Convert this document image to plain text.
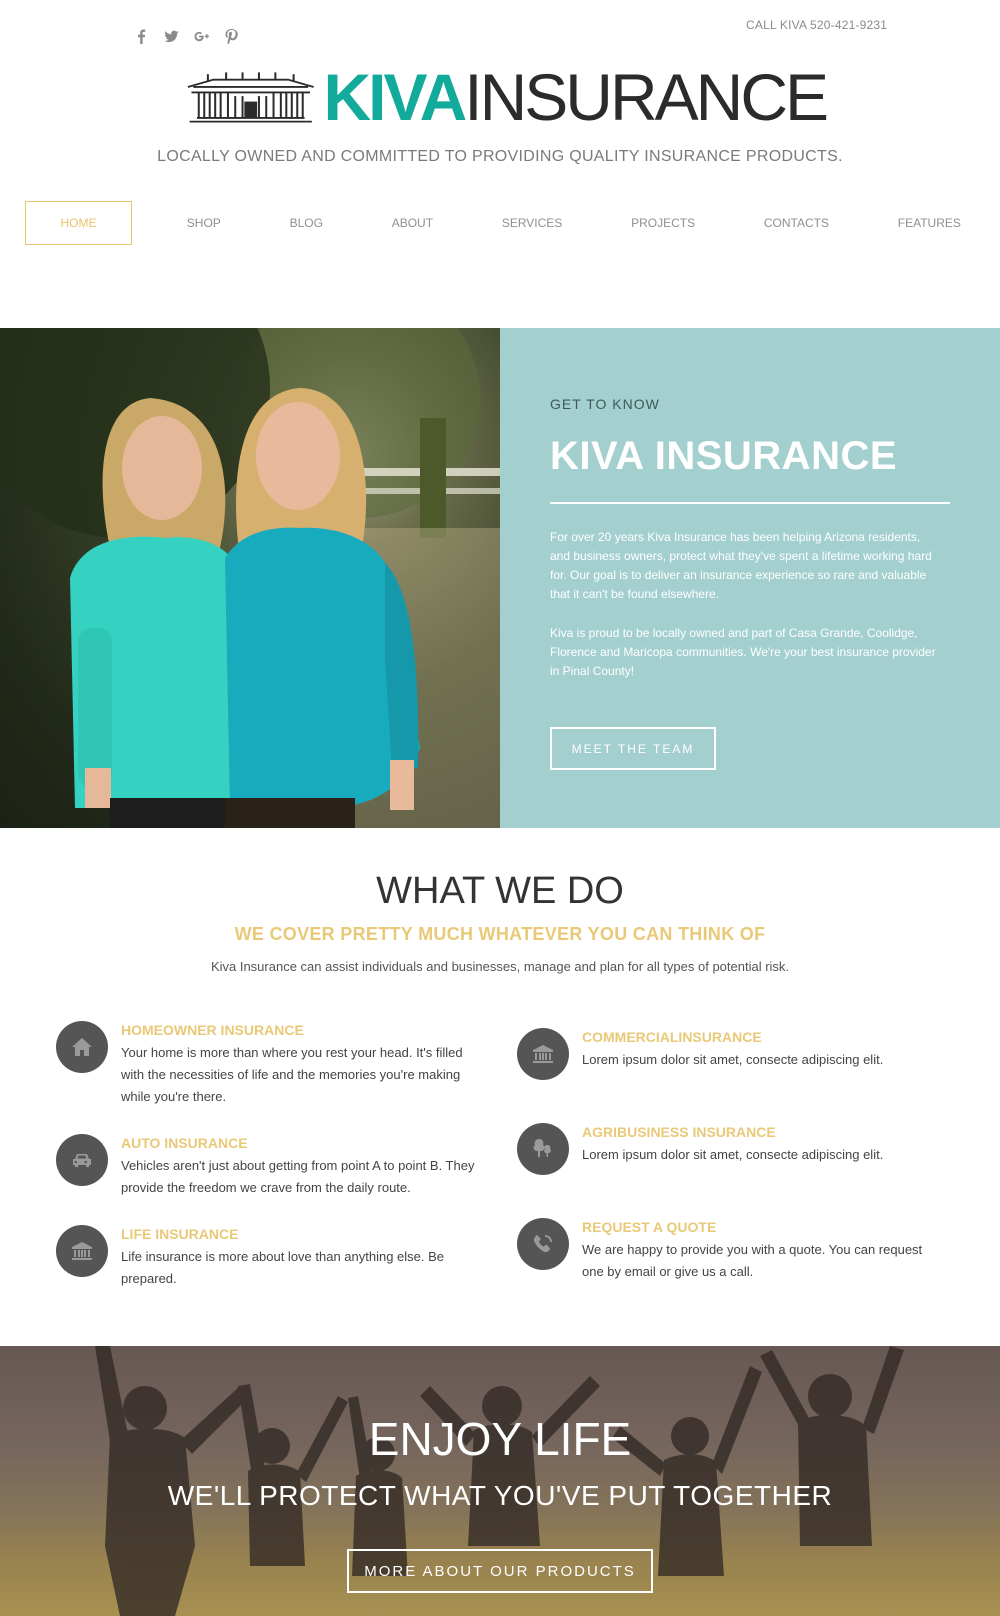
CALL KIVA 520-421-9231
KIVA INSURANCE
LOCALLY OWNED AND COMMITTED TO PROVIDING QUALITY INSURANCE PRODUCTS.
HOME	SHOP	BLOG	ABOUT	SERVICES	PROJECTS	CONTACTS	FEATURES
GET TO KNOW
KIVA INSURANCE

For over 20 years Kiva Insurance has been helping Arizona residents, and business owners, protect what they've spent a lifetime working hard for. Our goal is to deliver an insurance experience so rare and valuable that it can't be found elsewhere.

Kiva is proud to be locally owned and part of Casa Grande, Coolidge, Florence and Maricopa communities. We're your best insurance provider in Pinal County!

MEET THE TEAM
WHAT WE DO
WE COVER PRETTY MUCH WHATEVER YOU CAN THINK OF
Kiva Insurance can assist individuals and businesses, manage and plan for all types of potential risk.
HOMEOWNER INSURANCE
Your home is more than where you rest your head. It's filled with the necessities of life and the memories you're making while you're there.
AUTO INSURANCE
Vehicles aren't just about getting from point A to point B. They provide the freedom we crave from the daily route.
LIFE INSURANCE
Life insurance is more about love than anything else. Be prepared.
COMMERCIALINSURANCE
Lorem ipsum dolor sit amet, consecte adipiscing elit.
AGRIBUSINESS INSURANCE
Lorem ipsum dolor sit amet, consecte adipiscing elit.
REQUEST A QUOTE
We are happy to provide you with a quote. You can request one by email or give us a call.
ENJOY LIFE
WE'LL PROTECT WHAT YOU'VE PUT TOGETHER
MORE ABOUT OUR PRODUCTS
